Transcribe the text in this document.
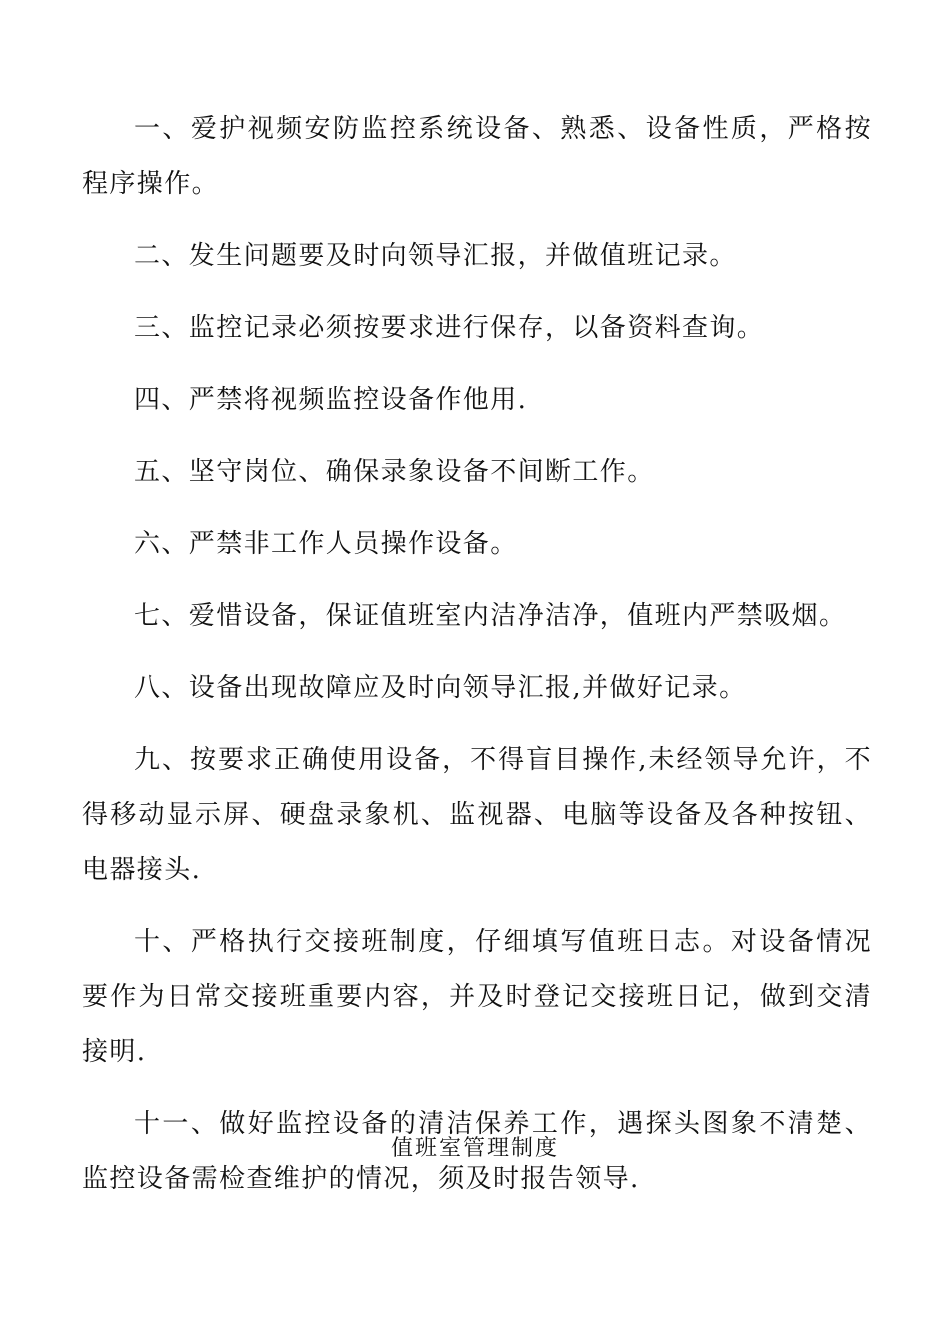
一、爱护视频安防监控系统设备、熟悉、设备性质，严格按程序操作。

二、发生问题要及时向领导汇报，并做值班记录。

三、监控记录必须按要求进行保存，以备资料查询。

四、严禁将视频监控设备作他用.

五、坚守岗位、确保录象设备不间断工作。

六、严禁非工作人员操作设备。

七、爱惜设备，保证值班室内洁净洁净，值班内严禁吸烟。

八、设备出现故障应及时向领导汇报,并做好记录。

九、按要求正确使用设备，不得盲目操作,未经领导允许，不得移动显示屏、硬盘录象机、监视器、电脑等设备及各种按钮、电器接头.

十、严格执行交接班制度，仔细填写值班日志。对设备情况要作为日常交接班重要内容，并及时登记交接班日记，做到交清接明.

十一、做好监控设备的清洁保养工作，遇探头图象不清楚、监控设备需检查维护的情况，须及时报告领导.

值班室管理制度
